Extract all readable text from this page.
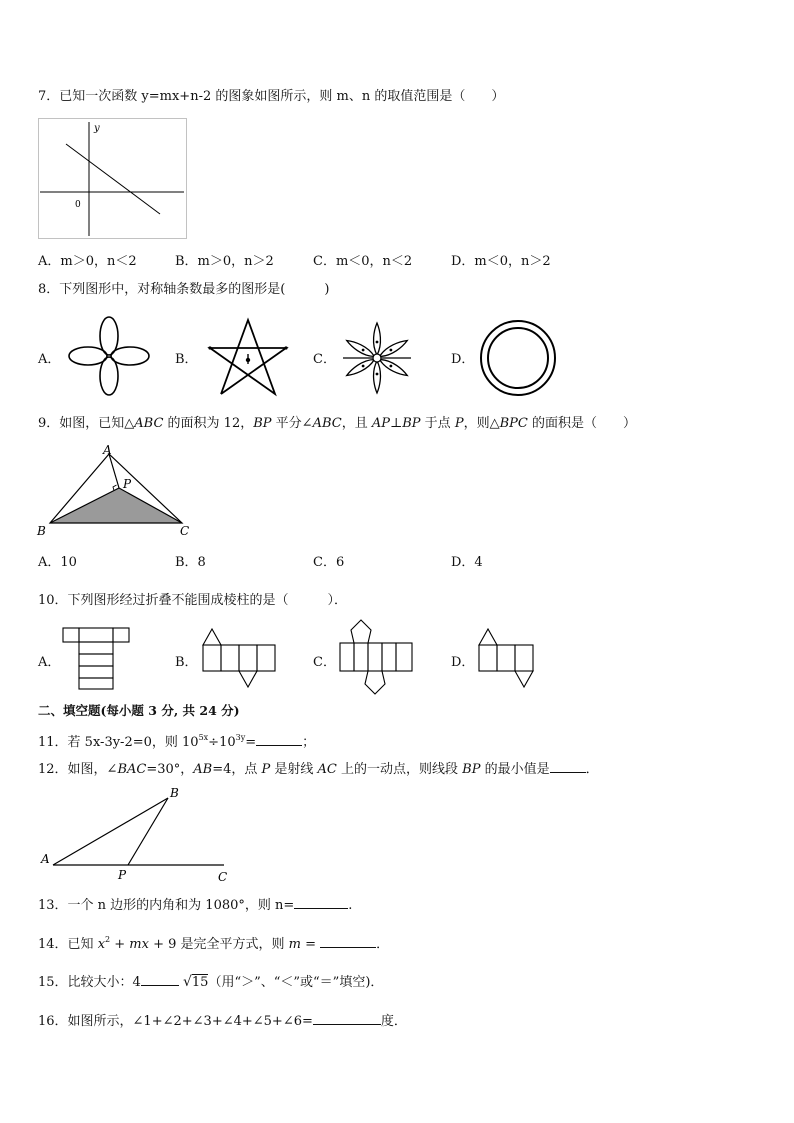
7．已知一次函数 y=mx+n-2 的图象如图所示，则 m、n 的取值范围是（　　）
y
0
A．m＞0，n＜2	B．m＞0，n＞2	C．m＜0，n＜2	D．m＜0，n＞2
8．下列图形中，对称轴条数最多的图形是(　　　)
A．	B．	C．	D．
9．如图，已知△ABC 的面积为 12，BP 平分∠ABC，且 AP⊥BP 于点 P，则△BPC 的面积是（　　）
A
B	C
P
A．10	B．8	C．6	D．4
10．下列图形经过折叠不能围成棱柱的是（　　　）．
A．	B．	C．	D．
二、填空题(每小题 3 分, 共 24 分)
11．若 5x-3y-2=0，则 $10^{5x}\div 10^{3y}=$	；
12．如图，∠BAC=30°，AB=4，点 P 是射线 AC 上的一动点，则线段 BP 的最小值是	．
B
A
P	C
13．一个 n 边形的内角和为 1080°，则 n=	.
14．已知 $x^2$ + mx + 9 是完全平方式，则 m =	．
15．比较大小：4	√15（用“＞”、“＜”或“＝”填空)．
16．如图所示，∠1+∠2+∠3+∠4+∠5+∠6=	度．
